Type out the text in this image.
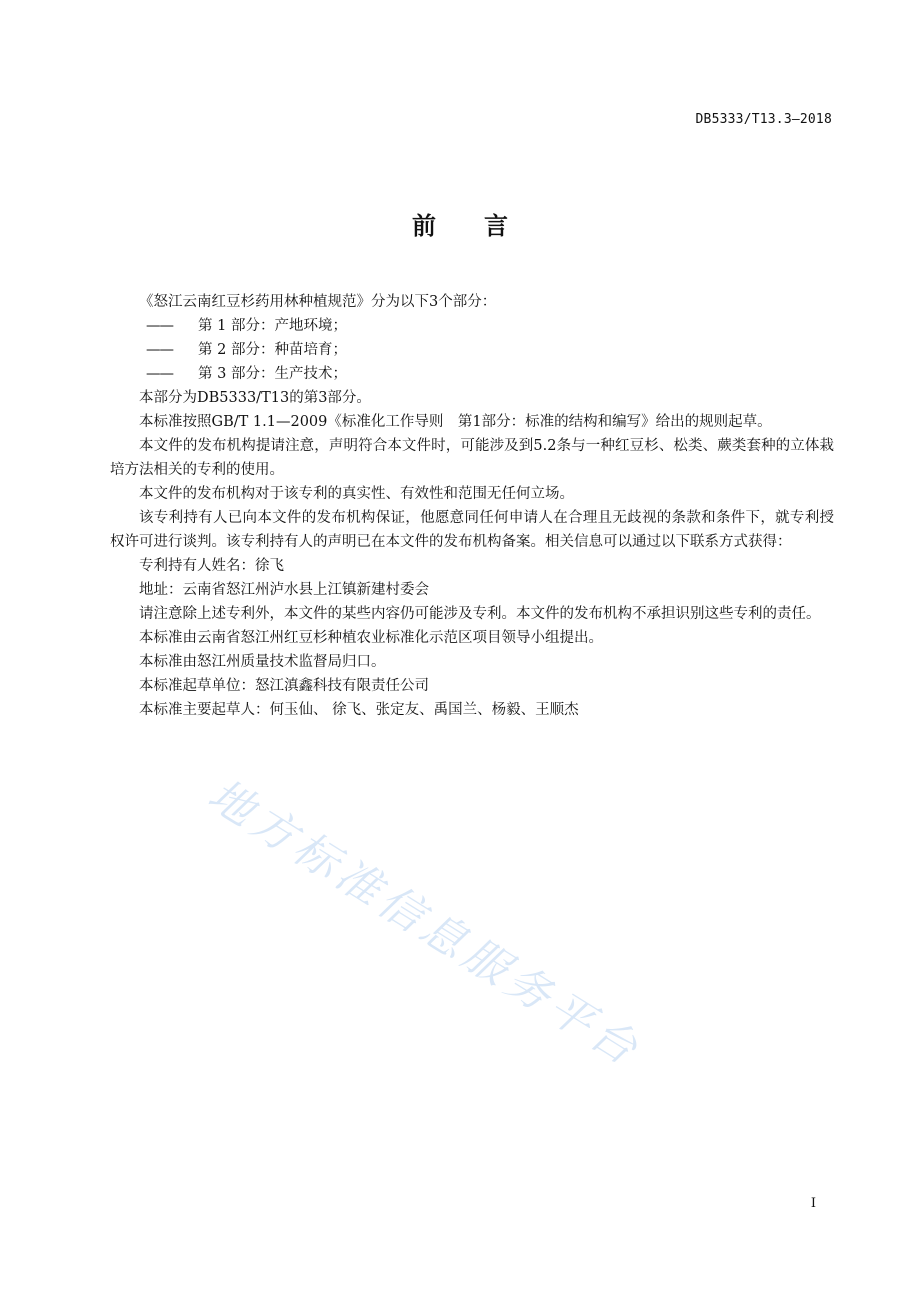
DB5333/T13.3—2018
前 言

《怒江云南红豆杉药用林种植规范》分为以下3个部分：

—— 第 1 部分：产地环境；

—— 第 2 部分：种苗培育；

—— 第 3 部分：生产技术；

本部分为DB5333/T13的第3部分。

本标准按照GB/T 1.1—2009《标准化工作导则　第1部分：标准的结构和编写》给出的规则起草。

本文件的发布机构提请注意，声明符合本文件时，可能涉及到5.2条与一种红豆杉、松类、蕨类套种的立体栽培方法相关的专利的使用。

本文件的发布机构对于该专利的真实性、有效性和范围无任何立场。

该专利持有人已向本文件的发布机构保证，他愿意同任何申请人在合理且无歧视的条款和条件下，就专利授权许可进行谈判。该专利持有人的声明已在本文件的发布机构备案。相关信息可以通过以下联系方式获得：

专利持有人姓名：徐飞

地址：云南省怒江州泸水县上江镇新建村委会

请注意除上述专利外，本文件的某些内容仍可能涉及专利。本文件的发布机构不承担识别这些专利的责任。

本标准由云南省怒江州红豆杉种植农业标准化示范区项目领导小组提出。

本标准由怒江州质量技术监督局归口。

本标准起草单位：怒江滇鑫科技有限责任公司

本标准主要起草人：何玉仙、 徐飞、张定友、禹国兰、杨毅、王顺杰

地方标准信息服务平台
I
